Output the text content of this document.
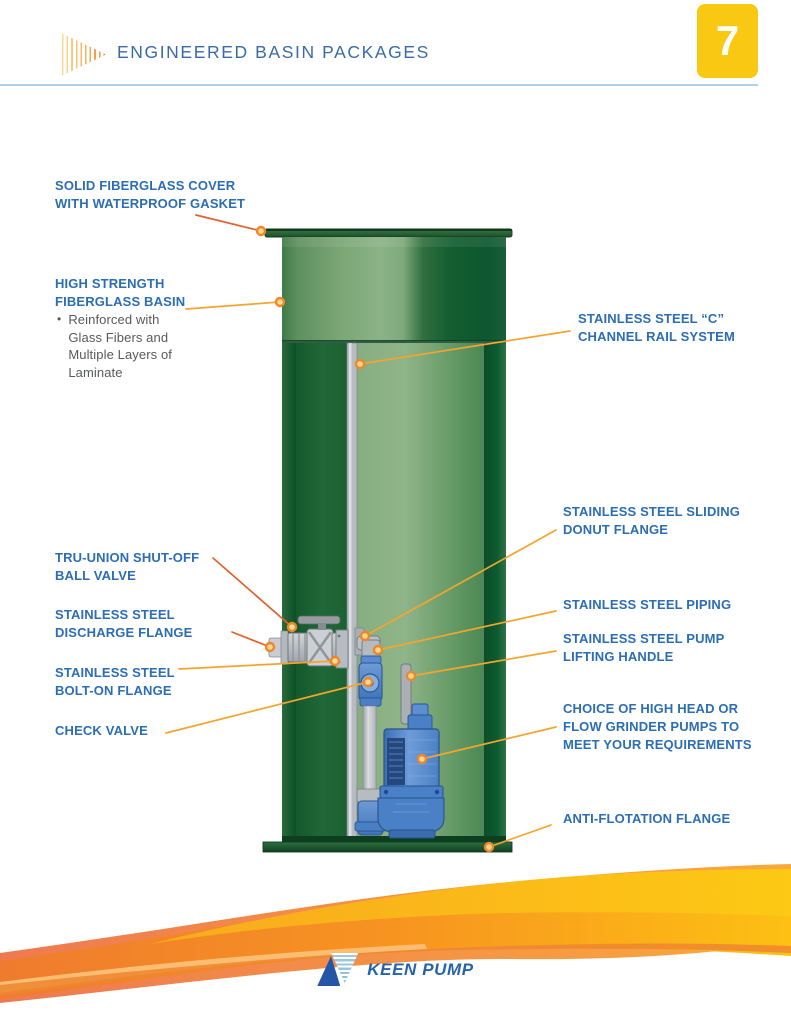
ENGINEERED BASIN PACKAGES	7
SOLID FIBERGLASS COVER
WITH WATERPROOF GASKET
HIGH STRENGTH
FIBERGLASS BASIN
• Reinforced with Glass Fibers and Multiple Layers of Laminate
TRU-UNION SHUT-OFF
BALL VALVE
STAINLESS STEEL
DISCHARGE FLANGE
STAINLESS STEEL
BOLT-ON FLANGE
CHECK VALVE
STAINLESS STEEL “C”
CHANNEL RAIL SYSTEM
STAINLESS STEEL SLIDING
DONUT FLANGE
STAINLESS STEEL PIPING
STAINLESS STEEL PUMP
LIFTING HANDLE
CHOICE OF HIGH HEAD OR
FLOW GRINDER PUMPS TO
MEET YOUR REQUIREMENTS
ANTI-FLOTATION FLANGE
KEEN PUMP
